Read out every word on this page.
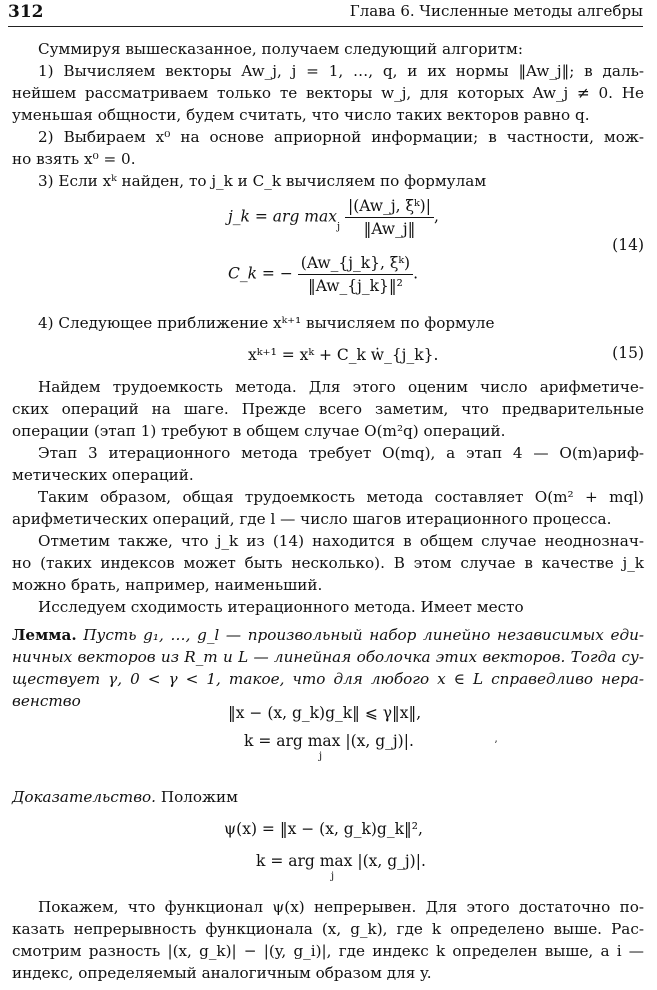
312	Глава 6. Численные методы алгебры
Суммируя вышесказанное, получаем следующий алгоритм:
1) Вычисляем векторы Aw_j, j = 1, …, q, и их нормы ‖Aw_j‖; в даль-
нейшем рассматриваем только те векторы w_j, для которых Aw_j ≠ 0. Не
уменьшая общности, будем считать, что число таких векторов равно q.
2) Выбираем x⁰ на основе априорной информации; в частности, мож-
но взять x⁰ = 0.
3) Если xᵏ найден, то j_k и C_k вычисляем по формулам
j_k = arg $\max_j \frac{\text{|(Aw\_j, ξᵏ)|}}{‖Aw\_j‖}$ ,
C_k = − $\frac{\text{(Aw\_\{j\_k\}, ξᵏ)}}{\text{‖Aw\_\{j\_k\}‖²}}$ .
(14)
4) Следующее приближение xᵏ⁺¹ вычисляем по формуле
xᵏ⁺¹ = xᵏ + C_k ẇ_{j_k}.	(15)
Найдем трудоемкость метода. Для этого оценим число арифметиче-
ских операций на шаге. Прежде всего заметим, что предварительные
операции (этап 1) требуют в общем случае O(m²q) операций.
Этап 3 итерационного метода требует O(mq), а этап 4 — O(m)ариф-
метических операций.
Таким образом, общая трудоемкость метода составляет O(m² + mql)
арифметических операций, где l — число шагов итерационного процесса.
Отметим также, что j_k из (14) находится в общем случае неоднознач-
но (таких индексов может быть несколько). В этом случае в качестве j_k
можно брать, например, наименьший.
Исследуем сходимость итерационного метода. Имеет место
Лемма. Пусть g₁, …, g_l — произвольный набор линейно независимых еди-
ничных векторов из R_m и L — линейная оболочка этих векторов. Тогда су-
ществует γ, 0 < γ < 1, такое, что для любого x ∈ L справедливо нера-
венство
‖x − (x, g_k)g_k‖ ⩽ γ‖x‖,
k = arg max |(x, g_j)|.
j
ʼ
Доказательство. Положим
ψ(x) = ‖x − (x, g_k)g_k‖²,
k = arg max |(x, g_j)|.
j
Покажем, что функционал ψ(x) непрерывен. Для этого достаточно по-
казать непрерывность функционала (x, g_k), где k определено выше. Рас-
смотрим разность |(x, g_k)| − |(y, g_i)|, где индекс k определен выше, а i —
индекс, определяемый аналогичным образом для y.
